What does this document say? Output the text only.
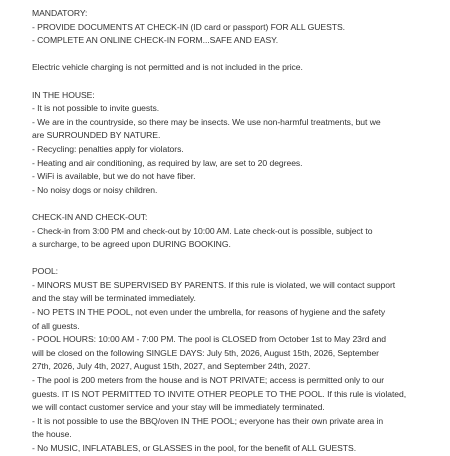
MANDATORY:
- PROVIDE DOCUMENTS AT CHECK-IN (ID card or passport) FOR ALL GUESTS.
- COMPLETE AN ONLINE CHECK-IN FORM...SAFE AND EASY.
Electric vehicle charging is not permitted and is not included in the price.
IN THE HOUSE:
- It is not possible to invite guests.
- We are in the countryside, so there may be insects. We use non-harmful treatments, but we
are SURROUNDED BY NATURE.
- Recycling: penalties apply for violators.
- Heating and air conditioning, as required by law, are set to 20 degrees.
- WiFi is available, but we do not have fiber.
- No noisy dogs or noisy children.
CHECK-IN AND CHECK-OUT:
- Check-in from 3:00 PM and check-out by 10:00 AM. Late check-out is possible, subject to
a surcharge, to be agreed upon DURING BOOKING.
POOL:
- MINORS MUST BE SUPERVISED BY PARENTS. If this rule is violated, we will contact support
and the stay will be terminated immediately.
- NO PETS IN THE POOL, not even under the umbrella, for reasons of hygiene and the safety
of all guests.
- POOL HOURS: 10:00 AM - 7:00 PM. The pool is CLOSED from October 1st to May 23rd and
will be closed on the following SINGLE DAYS: July 5th, 2026, August 15th, 2026, September
27th, 2026, July 4th, 2027, August 15th, 2027, and September 24th, 2027.
- The pool is 200 meters from the house and is NOT PRIVATE; access is permitted only to our
guests. IT IS NOT PERMITTED TO INVITE OTHER PEOPLE TO THE POOL. If this rule is violated,
we will contact customer service and your stay will be immediately terminated.
- It is not possible to use the BBQ/oven IN THE POOL; everyone has their own private area in
the house.
- No MUSIC, INFLATABLES, or GLASSES in the pool, for the benefit of ALL GUESTS.
